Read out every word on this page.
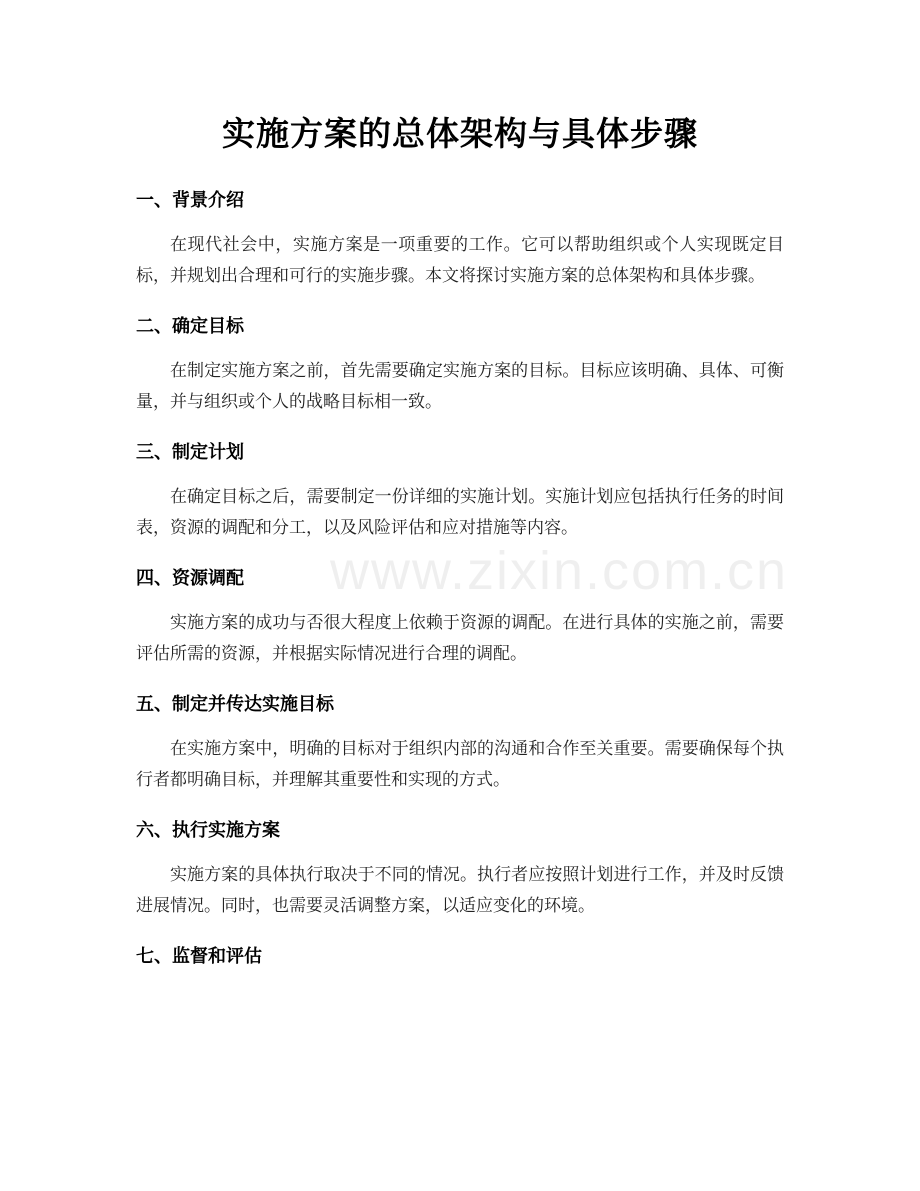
www.zixin.com.cn
实施方案的总体架构与具体步骤
一、背景介绍

在现代社会中，实施方案是一项重要的工作。它可以帮助组织或个人实现既定目标，并规划出合理和可行的实施步骤。本文将探讨实施方案的总体架构和具体步骤。

二、确定目标

在制定实施方案之前，首先需要确定实施方案的目标。目标应该明确、具体、可衡量，并与组织或个人的战略目标相一致。

三、制定计划

在确定目标之后，需要制定一份详细的实施计划。实施计划应包括执行任务的时间表，资源的调配和分工，以及风险评估和应对措施等内容。

四、资源调配

实施方案的成功与否很大程度上依赖于资源的调配。在进行具体的实施之前，需要评估所需的资源，并根据实际情况进行合理的调配。

五、制定并传达实施目标

在实施方案中，明确的目标对于组织内部的沟通和合作至关重要。需要确保每个执行者都明确目标，并理解其重要性和实现的方式。

六、执行实施方案

实施方案的具体执行取决于不同的情况。执行者应按照计划进行工作，并及时反馈进展情况。同时，也需要灵活调整方案，以适应变化的环境。

七、监督和评估
